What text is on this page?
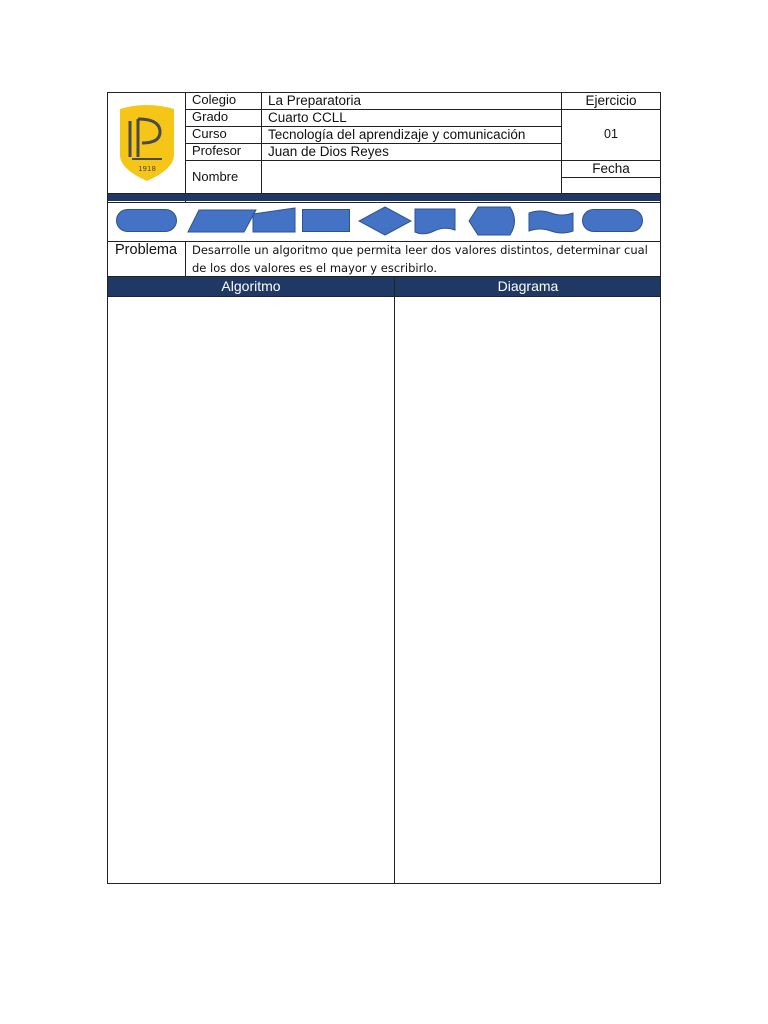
1918
Colegio
Grado
Curso
Profesor
Nombre
La Preparatoria
Cuarto CCLL
Tecnología del aprendizaje y comunicación
Juan de Dios Reyes
Ejercicio
01
Fecha
Problema	Desarrolle un algoritmo que permita leer dos valores distintos, determinar cual de los dos valores es el mayor y escribirlo.
Algoritmo	Diagrama
